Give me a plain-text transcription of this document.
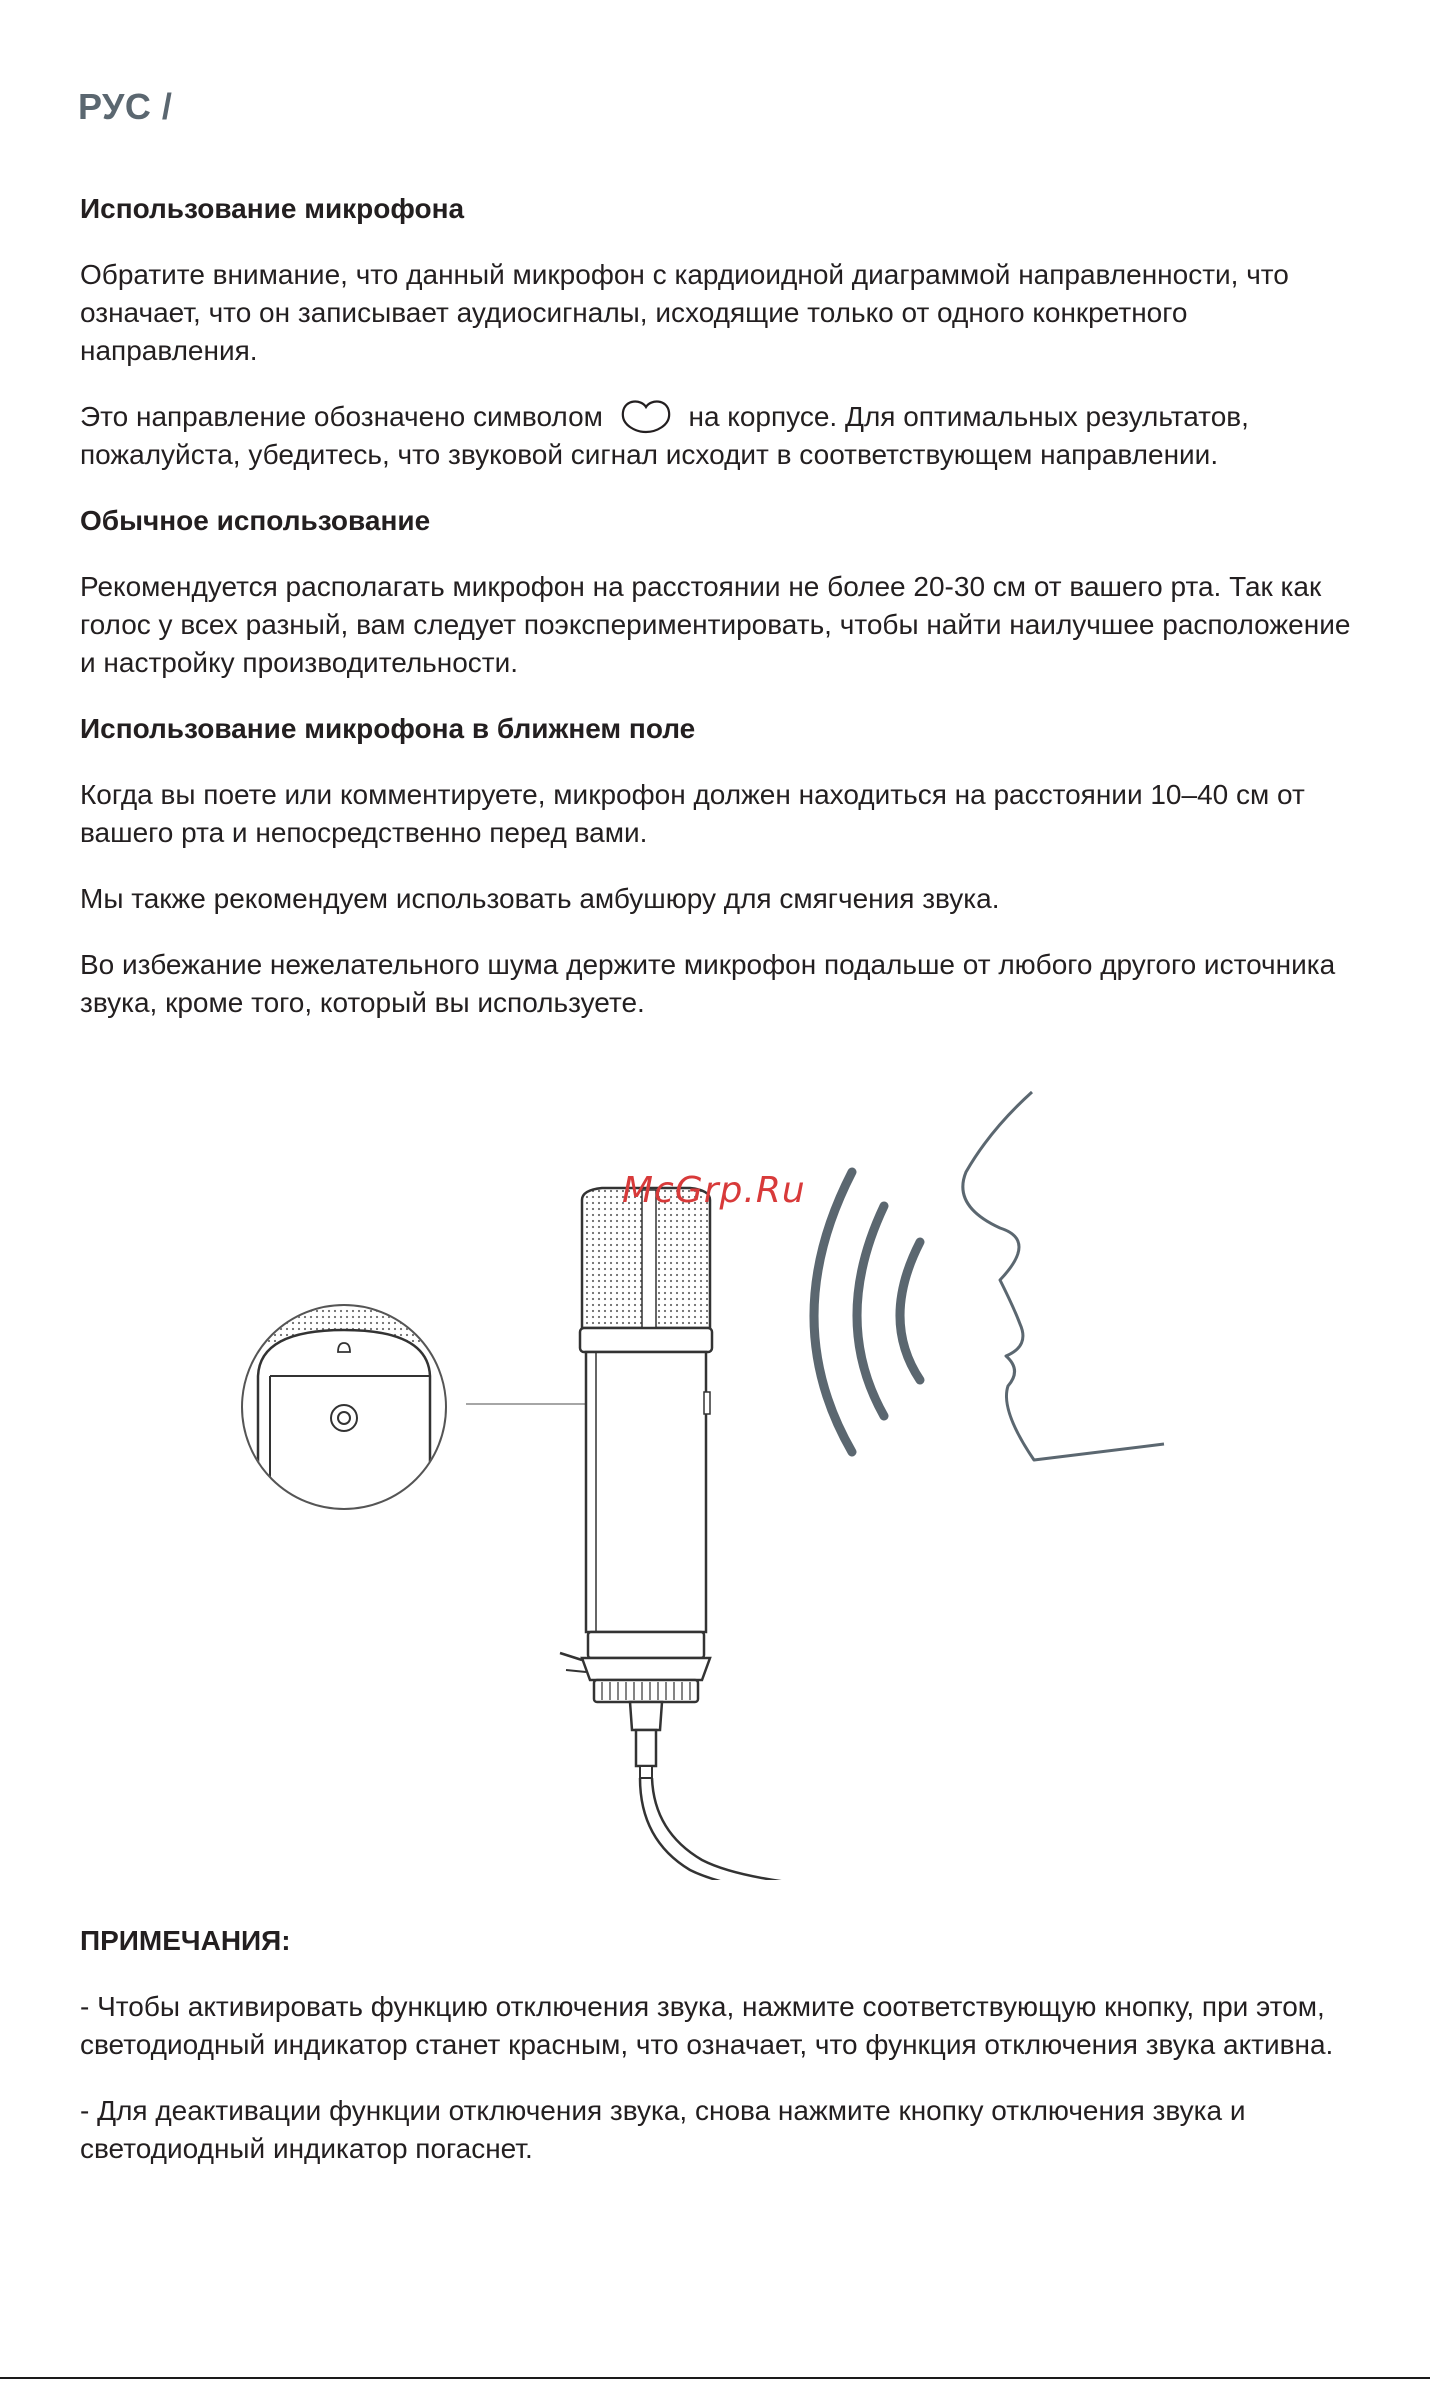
РУС /
Использование микрофона

Обратите внимание, что данный микрофон с кардиоидной диаграммой направленности, что означает, что он записывает аудиосигналы, исходящие только от одного конкретного направления.

Это направление обозначено символом	на корпусе. Для оптимальных результатов, пожалуйста, убедитесь, что звуковой сигнал исходит в соответствующем направлении.

Обычное использование

Рекомендуется располагать микрофон на расстоянии не более 20-30 см от вашего рта. Так как голос у всех разный, вам следует поэкспериментировать, чтобы найти наилучшее расположение и настройку производительности.

Использование микрофона в ближнем поле

Когда вы поете или комментируете, микрофон должен находиться на расстоянии 10–40 см от вашего рта и непосредственно перед вами.

Мы также рекомендуем использовать амбушюру для смягчения звука.

Во избежание нежелательного шума держите микрофон подальше от любого другого источника звука, кроме того, который вы используете.

McGrp.Ru
ПРИМЕЧАНИЯ:

- Чтобы активировать функцию отключения звука, нажмите соответствующую кнопку, при этом, светодиодный индикатор станет красным, что означает, что функция отключения звука активна.

- Для деактивации функции отключения звука, снова нажмите кнопку отключения звука и светодиодный индикатор погаснет.
